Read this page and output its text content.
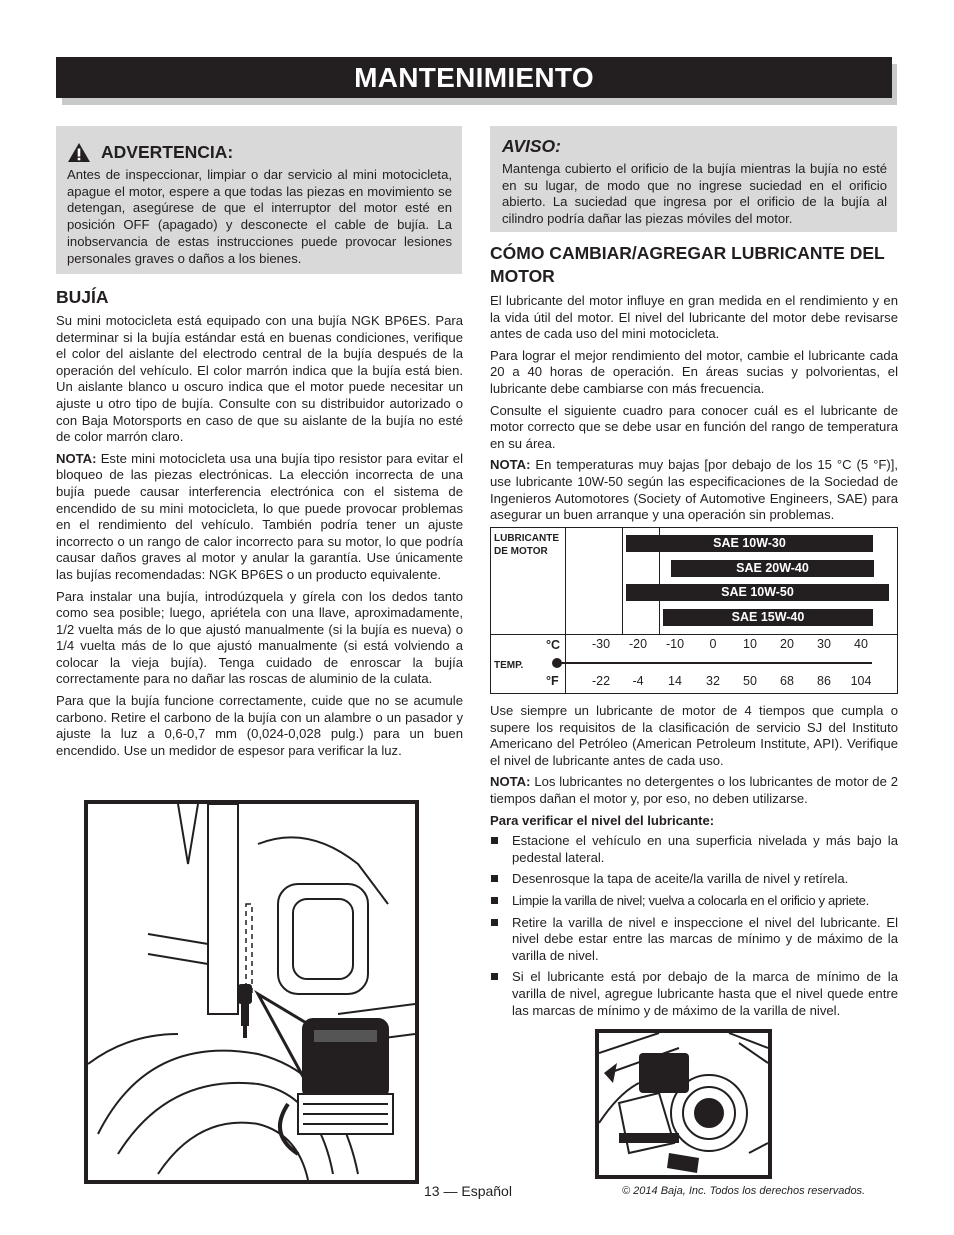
MANTENIMIENTO
ADVERTENCIA:
Antes de inspeccionar, limpiar o dar servicio al mini motocicleta, apague el motor, espere a que todas las piezas en movimiento se detengan, asegúrese de que el interruptor del motor esté en posición OFF (apagado) y desconecte el cable de bujía. La inobservancia de estas instrucciones puede provocar lesiones personales graves o daños a los bienes.
BUJÍA

Su mini motocicleta está equipado con una bujía NGK BP6ES. Para determinar si la bujía estándar está en buenas condiciones, verifique el color del aislante del electrodo central de la bujía después de la operación del vehículo. El color marrón indica que la bujía está bien. Un aislante blanco u oscuro indica que el motor puede necesitar un ajuste u otro tipo de bujía. Consulte con su distribuidor autorizado o con Baja Motorsports en caso de que su aislante de la bujía no esté de color marrón claro.

NOTA: Este mini motocicleta usa una bujía tipo resistor para evitar el bloqueo de las piezas electrónicas. La elección incorrecta de una bujía puede causar interferencia electrónica con el sistema de encendido de su mini motocicleta, lo que puede provocar problemas en el rendimiento del vehículo. También podría tener un ajuste incorrecto o un rango de calor incorrecto para su motor, lo que podría causar daños graves al motor y anular la garantía. Use únicamente las bujías recomendadas: NGK BP6ES o un producto equivalente.

Para instalar una bujía, introdúzquela y gírela con los dedos tanto como sea posible; luego, apriétela con una llave, aproximadamente, 1/2 vuelta más de lo que ajustó manualmente (si la bujía es nueva) o 1/4 vuelta más de lo que ajustó manualmente (si está volviendo a colocar la vieja bujía). Tenga cuidado de enroscar la bujía correctamente para no dañar las roscas de aluminio de la culata.

Para que la bujía funcione correctamente, cuide que no se acumule carbono. Retire el carbono de la bujía con un alambre o un pasador y ajuste la luz a 0,6-0,7 mm (0,024-0,028 pulg.) para un buen encendido. Use un medidor de espesor para verificar la luz.

AVISO:
Mantenga cubierto el orificio de la bujía mientras la bujía no esté en su lugar, de modo que no ingrese suciedad en el orificio abierto. La suciedad que ingresa por el orificio de la bujía al cilindro podría dañar las piezas móviles del motor.
CÓMO CAMBIAR/AGREGAR LUBRICANTE DEL MOTOR

El lubricante del motor influye en gran medida en el rendimiento y en la vida útil del motor. El nivel del lubricante del motor debe revisarse antes de cada uso del mini motocicleta.

Para lograr el mejor rendimiento del motor, cambie el lubricante cada 20 a 40 horas de operación. En áreas sucias y polvorientas, el lubricante debe cambiarse con más frecuencia.

Consulte el siguiente cuadro para conocer cuál es el lubricante de motor correcto que se debe usar en función del rango de temperatura en su área.

NOTA: En temperaturas muy bajas [por debajo de los 15 °C (5 °F)], use lubricante 10W-50 según las especificaciones de la Sociedad de Ingenieros Automotores (Society of Automotive Engineers, SAE) para asegurar un buen arranque y una operación sin problemas.

LUBRICANTE DE MOTOR
TEMP.
SAE 10W-30
SAE 20W-40
SAE 10W-50
SAE 15W-40
°C
°F
-30	-20	-10	0	10	20	30	40
-22	-4	14	32	50	68	86	104

Use siempre un lubricante de motor de 4 tiempos que cumpla o supere los requisitos de la clasificación de servicio SJ del Instituto Americano del Petróleo (American Petroleum Institute, API). Verifique el nivel de lubricante antes de cada uso.

NOTA: Los lubricantes no detergentes o los lubricantes de motor de 2 tiempos dañan el motor y, por eso, no deben utilizarse.

Para verificar el nivel del lubricante:

Estacione el vehículo en una superficia nivelada y más bajo la pedestal lateral.
Desenrosque la tapa de aceite/la varilla de nivel y retírela.
Limpie la varilla de nivel; vuelva a colocarla en el orificio y apriete.
Retire la varilla de nivel e inspeccione el nivel del lubricante. El nivel debe estar entre las marcas de mínimo y de máximo de la varilla de nivel.
Si el lubricante está por debajo de la marca de mínimo de la varilla de nivel, agregue lubricante hasta que el nivel quede entre las marcas de mínimo y de máximo de la varilla de nivel.
13 — Español	© 2014 Baja, Inc. Todos los derechos reservados.
